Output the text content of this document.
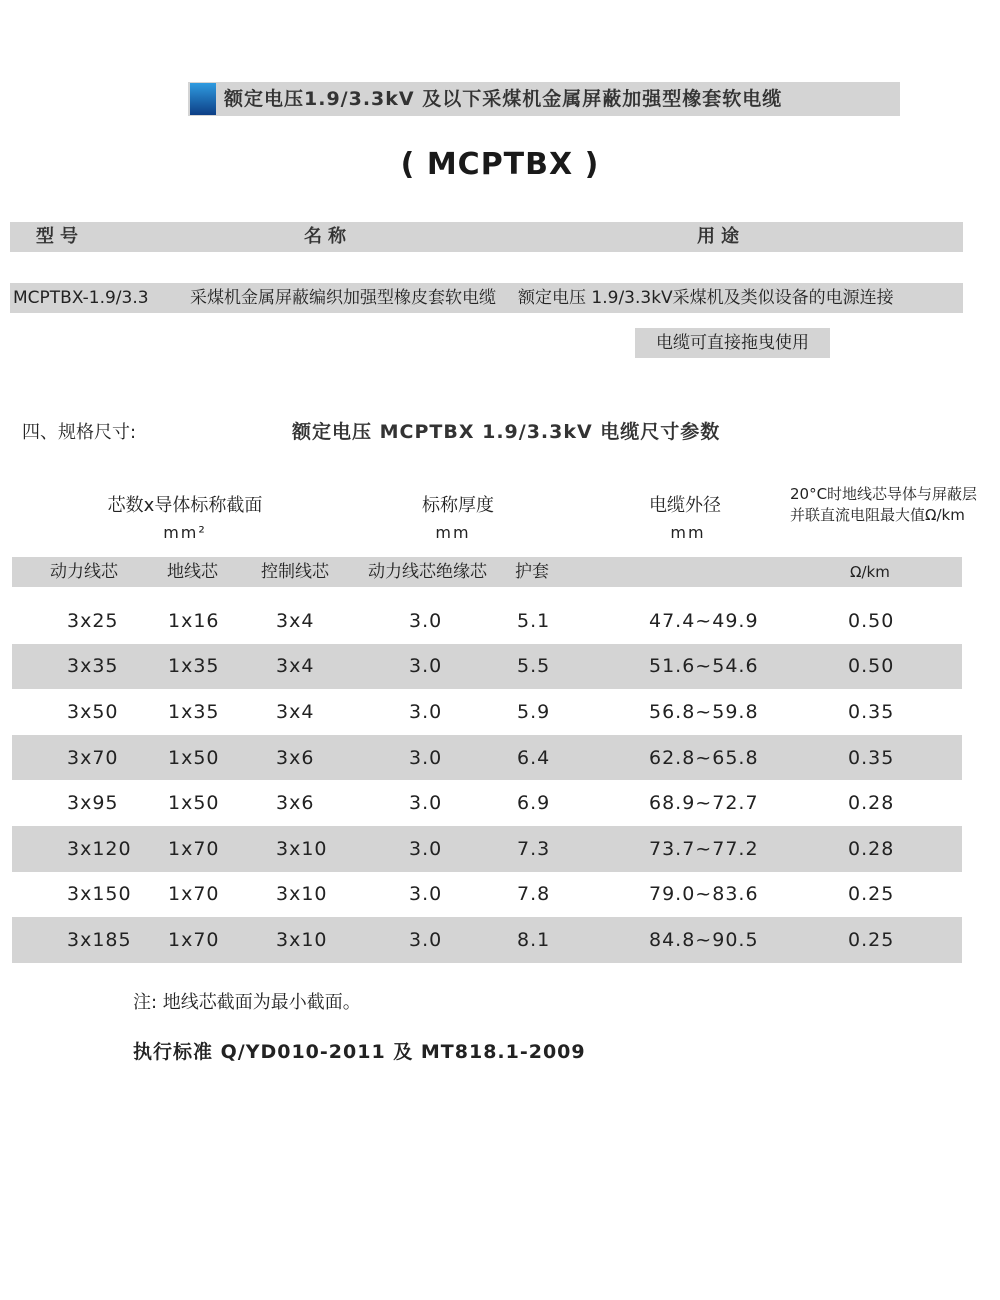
额定电压1.9/3.3kV 及以下采煤机金属屏蔽加强型橡套软电缆
( MCPTBX )
型号	名称	用途
MCPTBX-1.9/3.3 采煤机金属屏蔽编织加强型橡皮套软电缆 额定电压 1.9/3.3kV采煤机及类似设备的电源连接
电缆可直接拖曳使用
四、规格尺寸:	额定电压 MCPTBX 1.9/3.3kV 电缆尺寸参数
芯数x导体标称截面
mm²
标称厚度
mm
电缆外径
mm
20°C时地线芯导体与屏蔽层
并联直流电阻最大值Ω/km
动力线芯	地线芯	控制线芯 动力线芯绝缘芯 护套	Ω/km
3x25	1x16	3x4	3.0	5.1	47.4~49.9	0.50
3x35	1x35	3x4	3.0	5.5	51.6~54.6	0.50
3x50	1x35	3x4	3.0	5.9	56.8~59.8	0.35
3x70	1x50	3x6	3.0	6.4	62.8~65.8	0.35
3x95	1x50	3x6	3.0	6.9	68.9~72.7	0.28
3x120 1x70	3x10	3.0	7.3	73.7~77.2	0.28
3x150 1x70	3x10	3.0	7.8	79.0~83.6	0.25
3x185 1x70	3x10	3.0	8.1	84.8~90.5	0.25
注: 地线芯截面为最小截面。
执行标准 Q/YD010-2011 及 MT818.1-2009
